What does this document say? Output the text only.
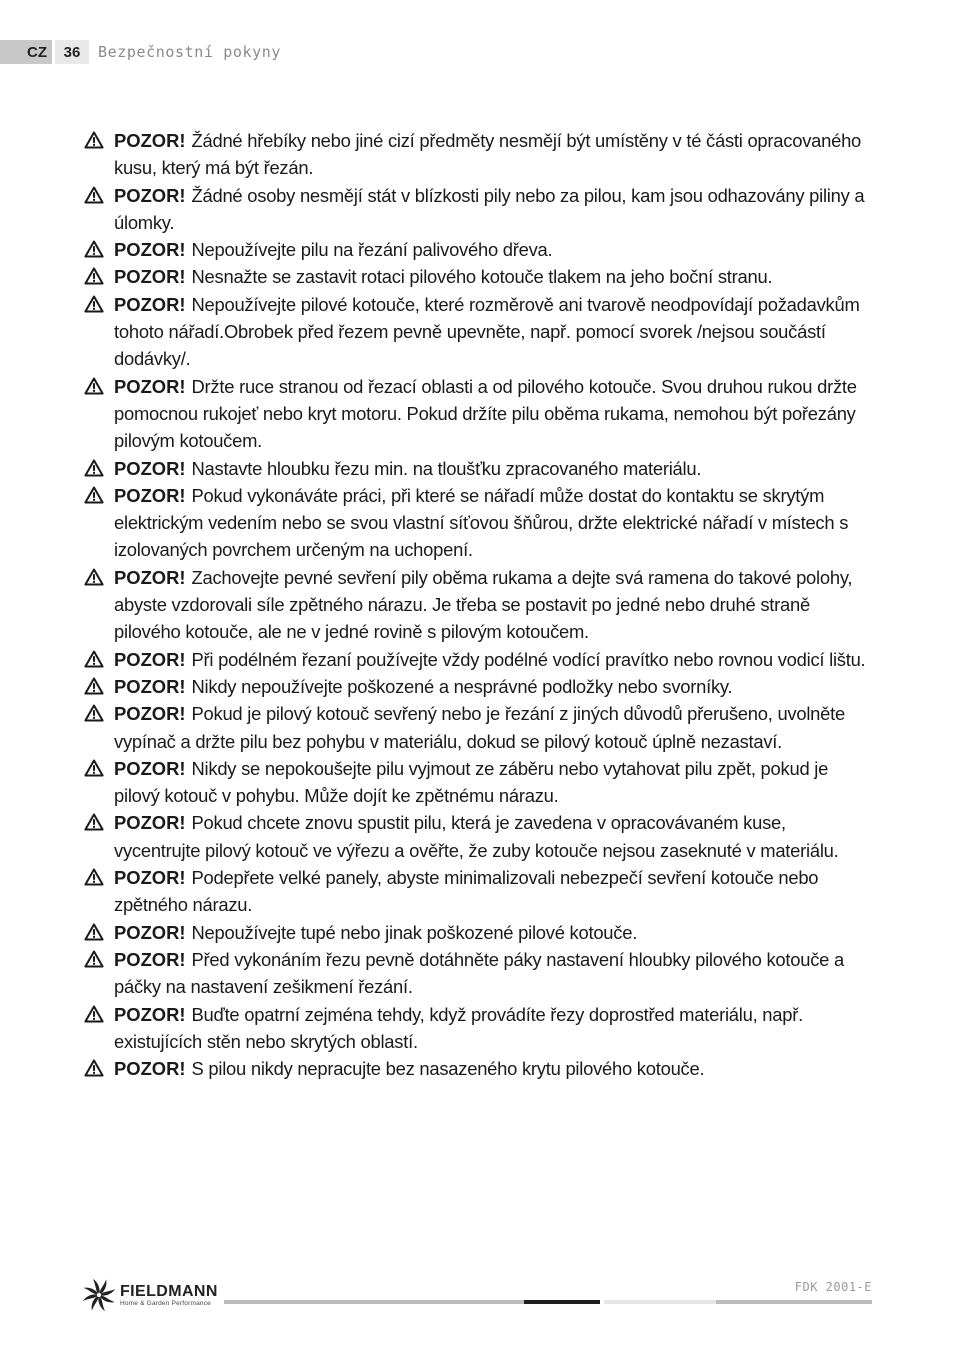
CZ	36	Bezpečnostní pokyny
POZOR! Žádné hřebíky nebo jiné cizí předměty nesmějí být umístěny v té části opracovaného kusu, který má být řezán.
POZOR! Žádné osoby nesmějí stát v blízkosti pily nebo za pilou, kam jsou odhazovány piliny a úlomky.
POZOR! Nepoužívejte pilu na řezání palivového dřeva.
POZOR! Nesnažte se zastavit rotaci pilového kotouče tlakem na jeho boční stranu.
POZOR! Nepoužívejte pilové kotouče, které rozměrově ani tvarově neodpovídají požadavkům tohoto nářadí.Obrobek před řezem pevně upevněte, např. pomocí svorek /nejsou součástí dodávky/.
POZOR! Držte ruce stranou od řezací oblasti a od pilového kotouče. Svou druhou rukou držte pomocnou rukojeť nebo kryt motoru. Pokud držíte pilu oběma rukama, nemohou být pořezány pilovým kotoučem.
POZOR! Nastavte hloubku řezu min. na tloušťku zpracovaného materiálu.
POZOR! Pokud vykonáváte práci, při které se nářadí může dostat do kontaktu se skrytým elektrickým vedením nebo se svou vlastní síťovou šňůrou, držte elektrické nářadí v místech s izolovaných povrchem určeným na uchopení.
POZOR! Zachovejte pevné sevření pily oběma rukama a dejte svá ramena do takové polohy, abyste vzdorovali síle zpětného nárazu. Je třeba se postavit po jedné nebo druhé straně pilového kotouče, ale ne v jedné rovině s pilovým kotoučem.
POZOR! Při podélném řezaní používejte vždy podélné vodící pravítko nebo rovnou vodicí lištu.
POZOR! Nikdy nepoužívejte poškozené a nesprávné podložky nebo svorníky.
POZOR! Pokud je pilový kotouč sevřený nebo je řezání z jiných důvodů přerušeno, uvolněte vypínač a držte pilu bez pohybu v materiálu, dokud se pilový kotouč úplně nezastaví.
POZOR! Nikdy se nepokoušejte pilu vyjmout ze záběru nebo vytahovat pilu zpět, pokud je pilový kotouč v pohybu. Může dojít ke zpětnému nárazu.
POZOR! Pokud chcete znovu spustit pilu, která je zavedena v opracovávaném kuse, vycentrujte pilový kotouč ve výřezu a ověřte, že zuby kotouče nejsou zaseknuté v materiálu.
POZOR! Podepřete velké panely, abyste minimalizovali nebezpečí sevření kotouče nebo zpětného nárazu.
POZOR! Nepoužívejte tupé nebo jinak poškozené pilové kotouče.
POZOR! Před vykonáním řezu pevně dotáhněte páky nastavení hloubky pilového kotouče a páčky na nastavení zešikmení řezání.
POZOR! Buďte opatrní zejména tehdy, když provádíte řezy doprostřed materiálu, např. existujících stěn nebo skrytých oblastí.
POZOR! S pilou nikdy nepracujte bez nasazeného krytu pilového kotouče.
FIELDMANN
Home & Garden Performance
FDK 2001-E
